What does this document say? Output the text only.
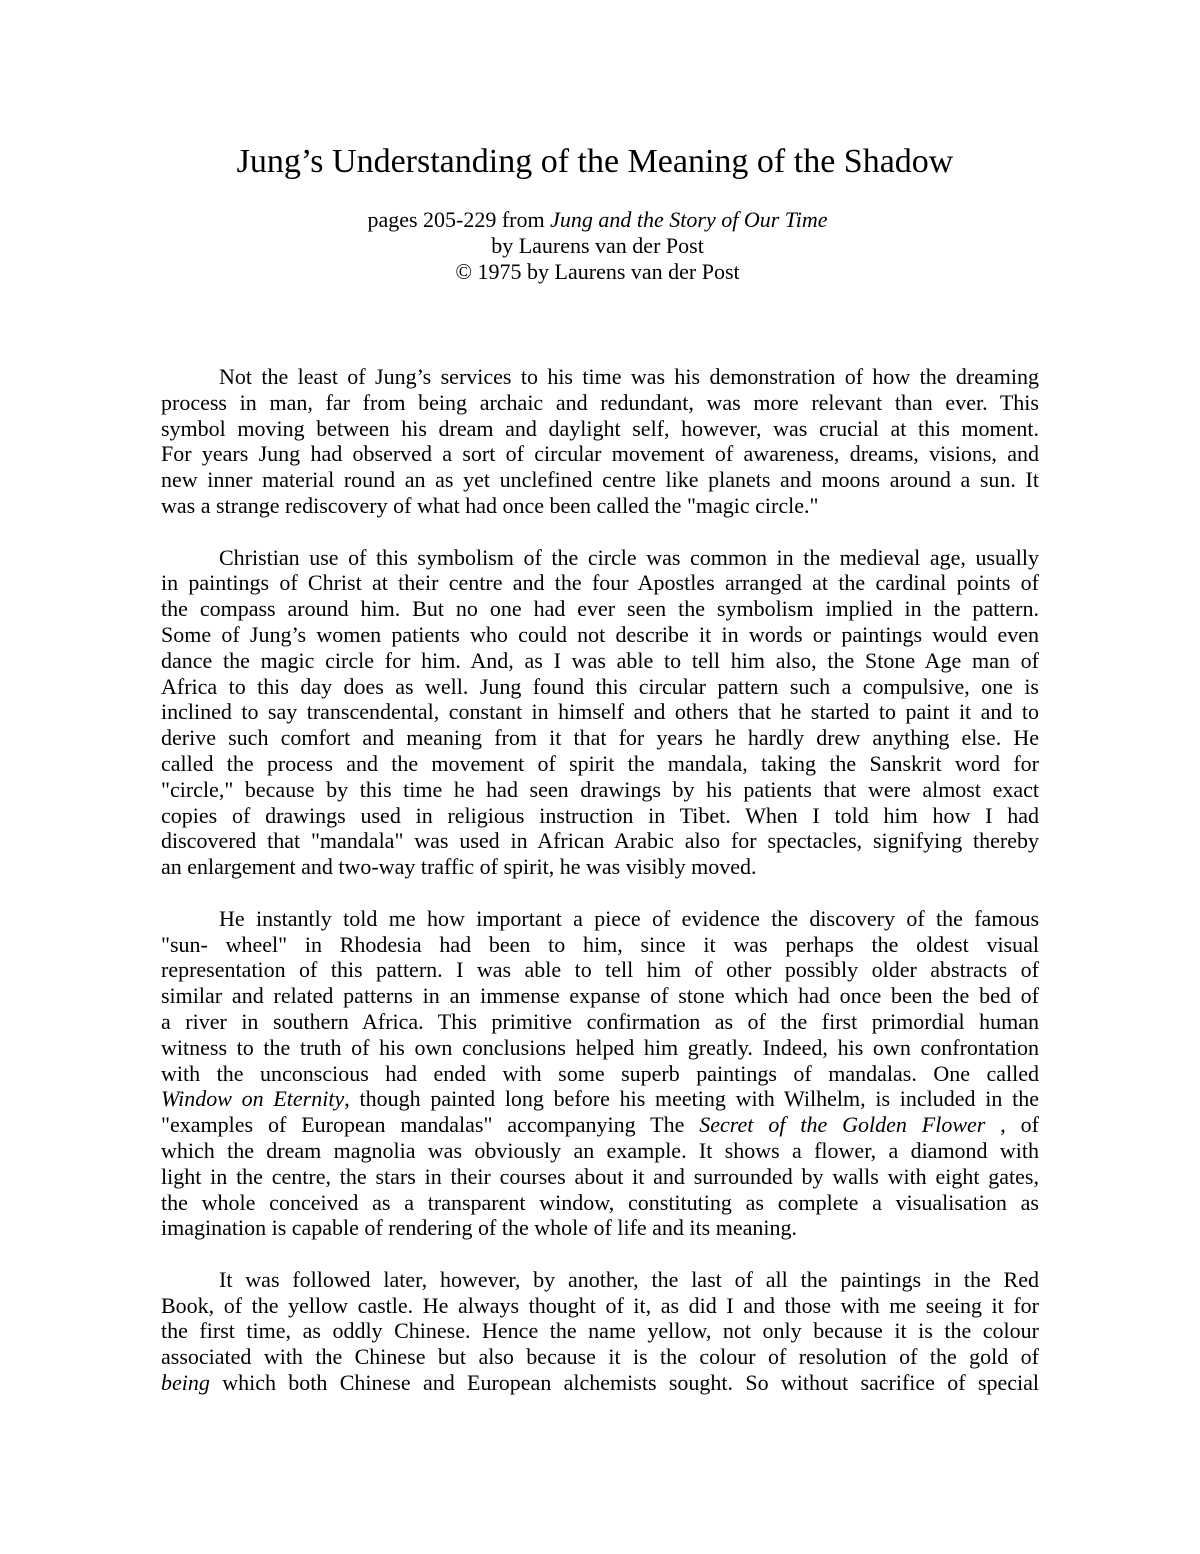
Jung’s Understanding of the Meaning of the Shadow
pages 205-229 from Jung and the Story of Our Time
by Laurens van der Post
© 1975 by Laurens van der Post
Not the least of Jung’s services to his time was his demonstration of how the dreaming
process in man, far from being archaic and redundant, was more relevant than ever. This
symbol moving between his dream and daylight self, however, was crucial at this moment.
For years Jung had observed a sort of circular movement of awareness, dreams, visions, and
new inner material round an as yet unclefined centre like planets and moons around a sun. It
was a strange rediscovery of what had once been called the "magic circle."
Christian use of this symbolism of the circle was common in the medieval age, usually
in paintings of Christ at their centre and the four Apostles arranged at the cardinal points of
the compass around him. But no one had ever seen the symbolism implied in the pattern.
Some of Jung’s women patients who could not describe it in words or paintings would even
dance the magic circle for him. And, as I was able to tell him also, the Stone Age man of
Africa to this day does as well. Jung found this circular pattern such a compulsive, one is
inclined to say transcendental, constant in himself and others that he started to paint it and to
derive such comfort and meaning from it that for years he hardly drew anything else. He
called the process and the movement of spirit the mandala, taking the Sanskrit word for
"circle," because by this time he had seen drawings by his patients that were almost exact
copies of drawings used in religious instruction in Tibet. When I told him how I had
discovered that "mandala" was used in African Arabic also for spectacles, signifying thereby
an enlargement and two-way traffic of spirit, he was visibly moved.
He instantly told me how important a piece of evidence the discovery of the famous
"sun- wheel" in Rhodesia had been to him, since it was perhaps the oldest visual
representation of this pattern. I was able to tell him of other possibly older abstracts of
similar and related patterns in an immense expanse of stone which had once been the bed of
a river in southern Africa. This primitive confirmation as of the first primordial human
witness to the truth of his own conclusions helped him greatly. Indeed, his own confrontation
with the unconscious had ended with some superb paintings of mandalas. One called
Window on Eternity, though painted long before his meeting with Wilhelm, is included in the
"examples of European mandalas" accompanying The Secret of the Golden Flower , of
which the dream magnolia was obviously an example. It shows a flower, a diamond with
light in the centre, the stars in their courses about it and surrounded by walls with eight gates,
the whole conceived as a transparent window, constituting as complete a visualisation as
imagination is capable of rendering of the whole of life and its meaning.
It was followed later, however, by another, the last of all the paintings in the Red
Book, of the yellow castle. He always thought of it, as did I and those with me seeing it for
the first time, as oddly Chinese. Hence the name yellow, not only because it is the colour
associated with the Chinese but also because it is the colour of resolution of the gold of
being which both Chinese and European alchemists sought. So without sacrifice of special
